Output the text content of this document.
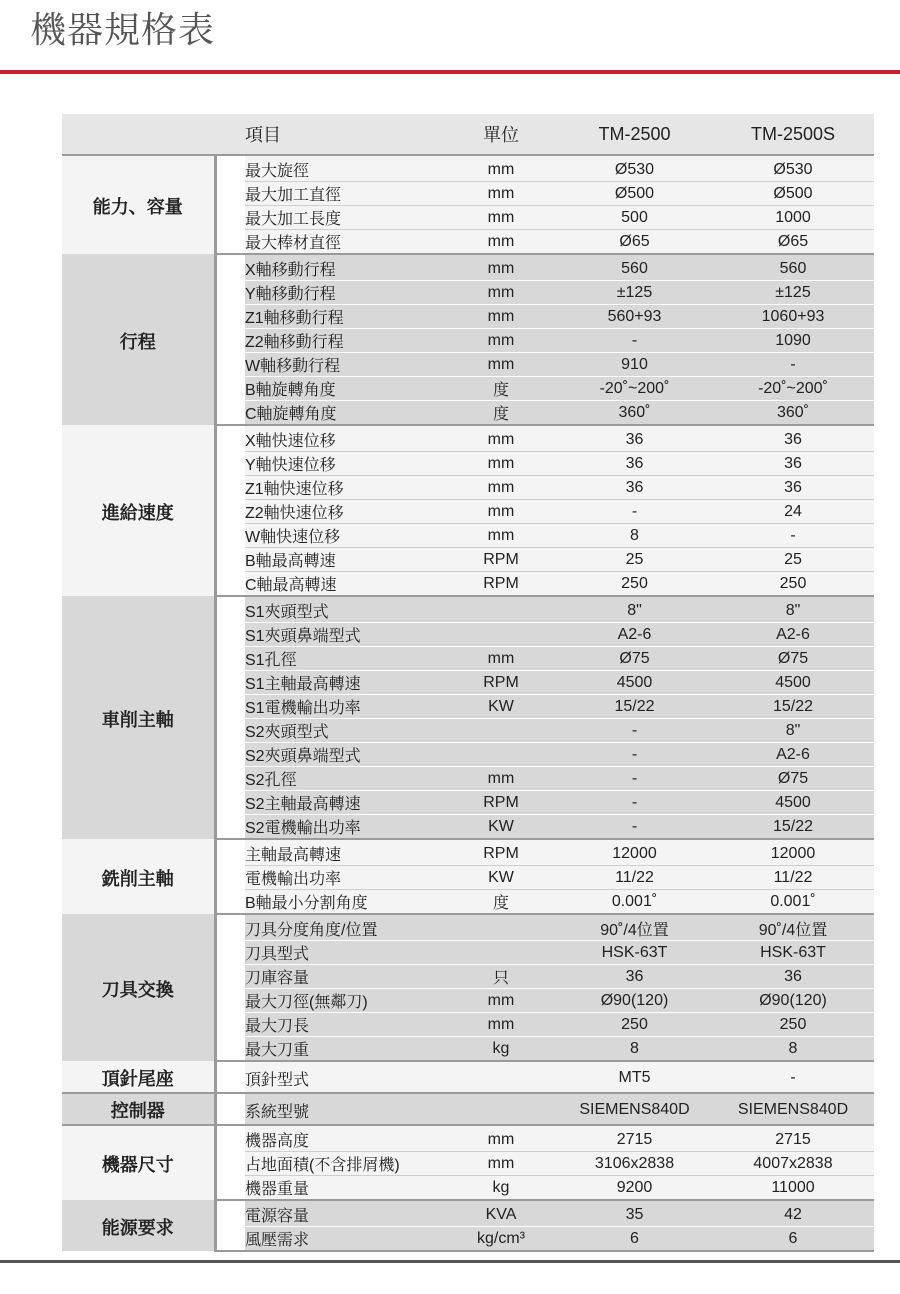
機器規格表
		項目	單位	TM-2500	TM-2500S
能力、容量		最大旋徑	mm	Ø530	Ø530
		最大加工直徑	mm	Ø500	Ø500
		最大加工長度	mm	500	1000
		最大棒材直徑	mm	Ø65	Ø65
行程		X軸移動行程	mm	560	560
		Y軸移動行程	mm	±125	±125
		Z1軸移動行程	mm	560+93	1060+93
		Z2軸移動行程	mm	-	1090
		W軸移動行程	mm	910	-
		B軸旋轉角度	度	-20˚~200˚	-20˚~200˚
		C軸旋轉角度	度	360˚	360˚
進給速度		X軸快速位移	mm	36	36
		Y軸快速位移	mm	36	36
		Z1軸快速位移	mm	36	36
		Z2軸快速位移	mm	-	24
		W軸快速位移	mm	8	-
		B軸最高轉速	RPM	25	25
		C軸最高轉速	RPM	250	250
車削主軸		S1夾頭型式		8"	8"
		S1夾頭鼻端型式		A2-6	A2-6
		S1孔徑	mm	Ø75	Ø75
		S1主軸最高轉速	RPM	4500	4500
		S1電機輸出功率	KW	15/22	15/22
		S2夾頭型式		-	8"
		S2夾頭鼻端型式		-	A2-6
		S2孔徑	mm	-	Ø75
		S2主軸最高轉速	RPM	-	4500
		S2電機輸出功率	KW	-	15/22
銑削主軸		主軸最高轉速	RPM	12000	12000
		電機輸出功率	KW	11/22	11/22
		B軸最小分割角度	度	0.001˚	0.001˚
刀具交換		刀具分度角度/位置		90˚/4位置	90˚/4位置
		刀具型式		HSK-63T	HSK-63T
		刀庫容量	只	36	36
		最大刀徑(無鄰刀)	mm	Ø90(120)	Ø90(120)
		最大刀長	mm	250	250
		最大刀重	kg	8	8
頂針尾座		頂針型式		MT5	-
控制器		系統型號		SIEMENS840D	SIEMENS840D
機器尺寸		機器高度	mm	2715	2715
		占地面積(不含排屑機)	mm	3106x2838	4007x2838
		機器重量	kg	9200	11000
能源要求		電源容量	KVA	35	42
		風壓需求	kg/cm³	6	6
